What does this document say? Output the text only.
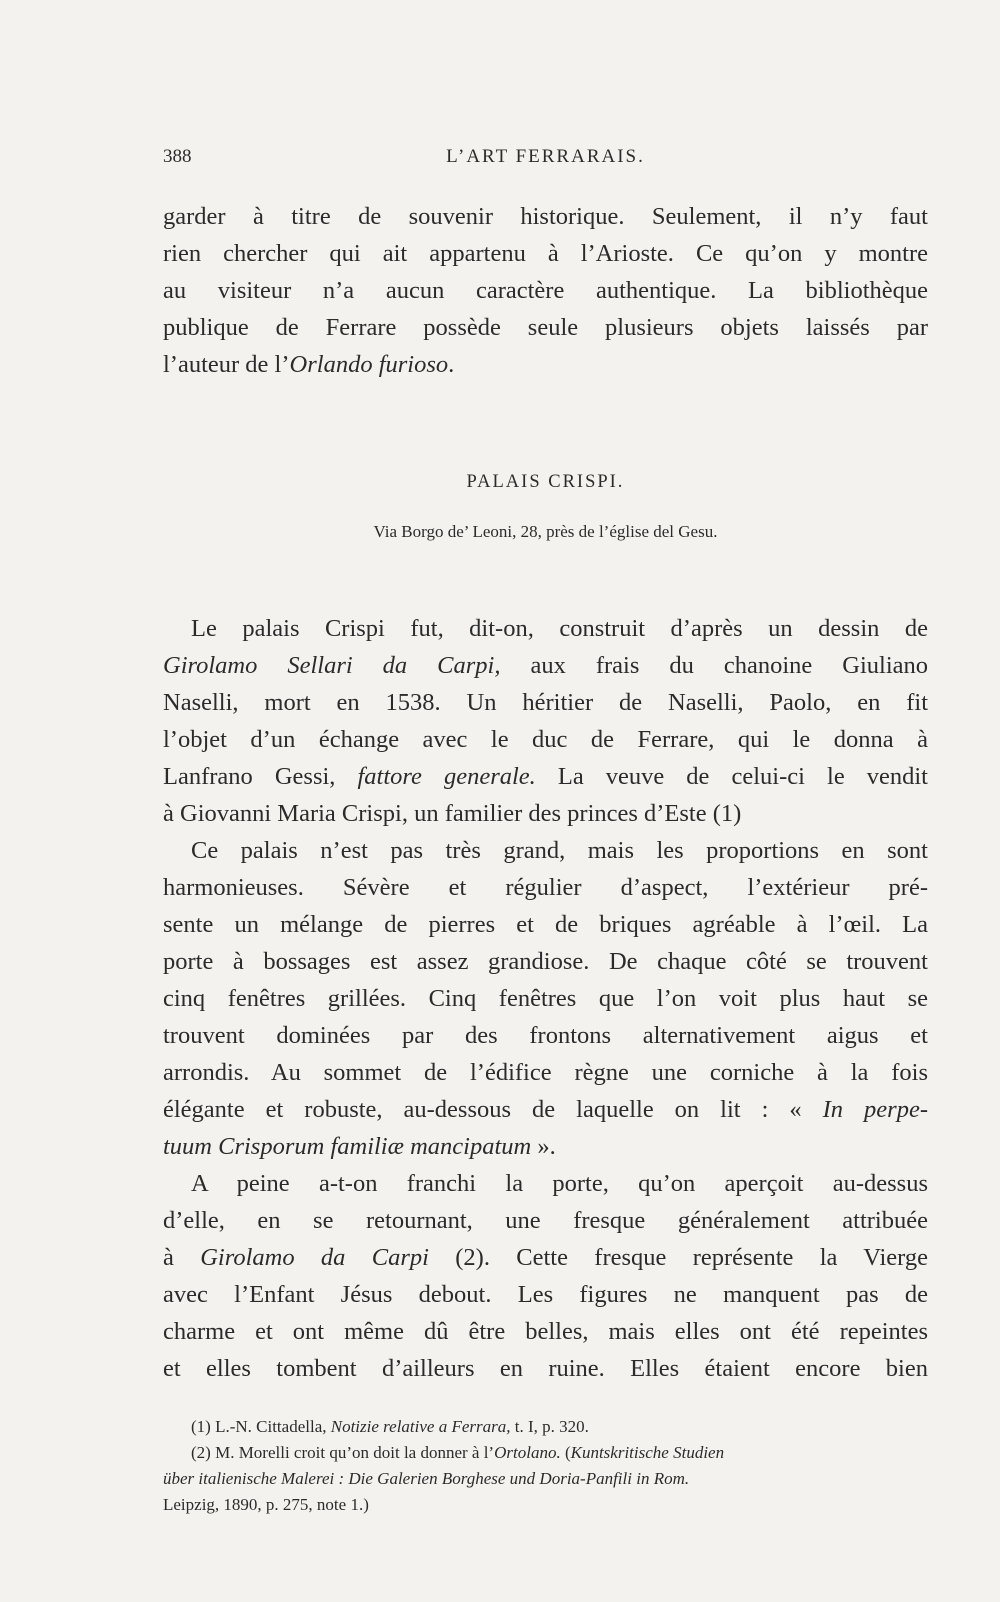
388	L’ART FERRARAIS.
garder à titre de souvenir historique. Seulement, il n’y faut
rien chercher qui ait appartenu à l’Arioste. Ce qu’on y montre
au visiteur n’a aucun caractère authentique. La bibliothèque
publique de Ferrare possède seule plusieurs objets laissés par
l’auteur de l’Orlando furioso.
PALAIS CRISPI.
Via Borgo de’ Leoni, 28, près de l’église del Gesu.
Le palais Crispi fut, dit-on, construit d’après un dessin de
Girolamo Sellari da Carpi, aux frais du chanoine Giuliano
Naselli, mort en 1538. Un héritier de Naselli, Paolo, en fit
l’objet d’un échange avec le duc de Ferrare, qui le donna à
Lanfrano Gessi, fattore generale. La veuve de celui-ci le vendit
à Giovanni Maria Crispi, un familier des princes d’Este (1)
Ce palais n’est pas très grand, mais les proportions en sont
harmonieuses. Sévère et régulier d’aspect, l’extérieur pré-
sente un mélange de pierres et de briques agréable à l’œil. La
porte à bossages est assez grandiose. De chaque côté se trouvent
cinq fenêtres grillées. Cinq fenêtres que l’on voit plus haut se
trouvent dominées par des frontons alternativement aigus et
arrondis. Au sommet de l’édifice règne une corniche à la fois
élégante et robuste, au-dessous de laquelle on lit : « In perpe-
tuum Crisporum familiæ mancipatum ».
A peine a-t-on franchi la porte, qu’on aperçoit au-dessus
d’elle, en se retournant, une fresque généralement attribuée
à Girolamo da Carpi (2). Cette fresque représente la Vierge
avec l’Enfant Jésus debout. Les figures ne manquent pas de
charme et ont même dû être belles, mais elles ont été repeintes
et elles tombent d’ailleurs en ruine. Elles étaient encore bien
(1) L.-N. Cittadella, Notizie relative a Ferrara, t. I, p. 320.
(2) M. Morelli croit qu’on doit la donner à l’Ortolano. (Kuntskritische Studien
über italienische Malerei : Die Galerien Borghese und Doria-Panfili in Rom.
Leipzig, 1890, p. 275, note 1.)
